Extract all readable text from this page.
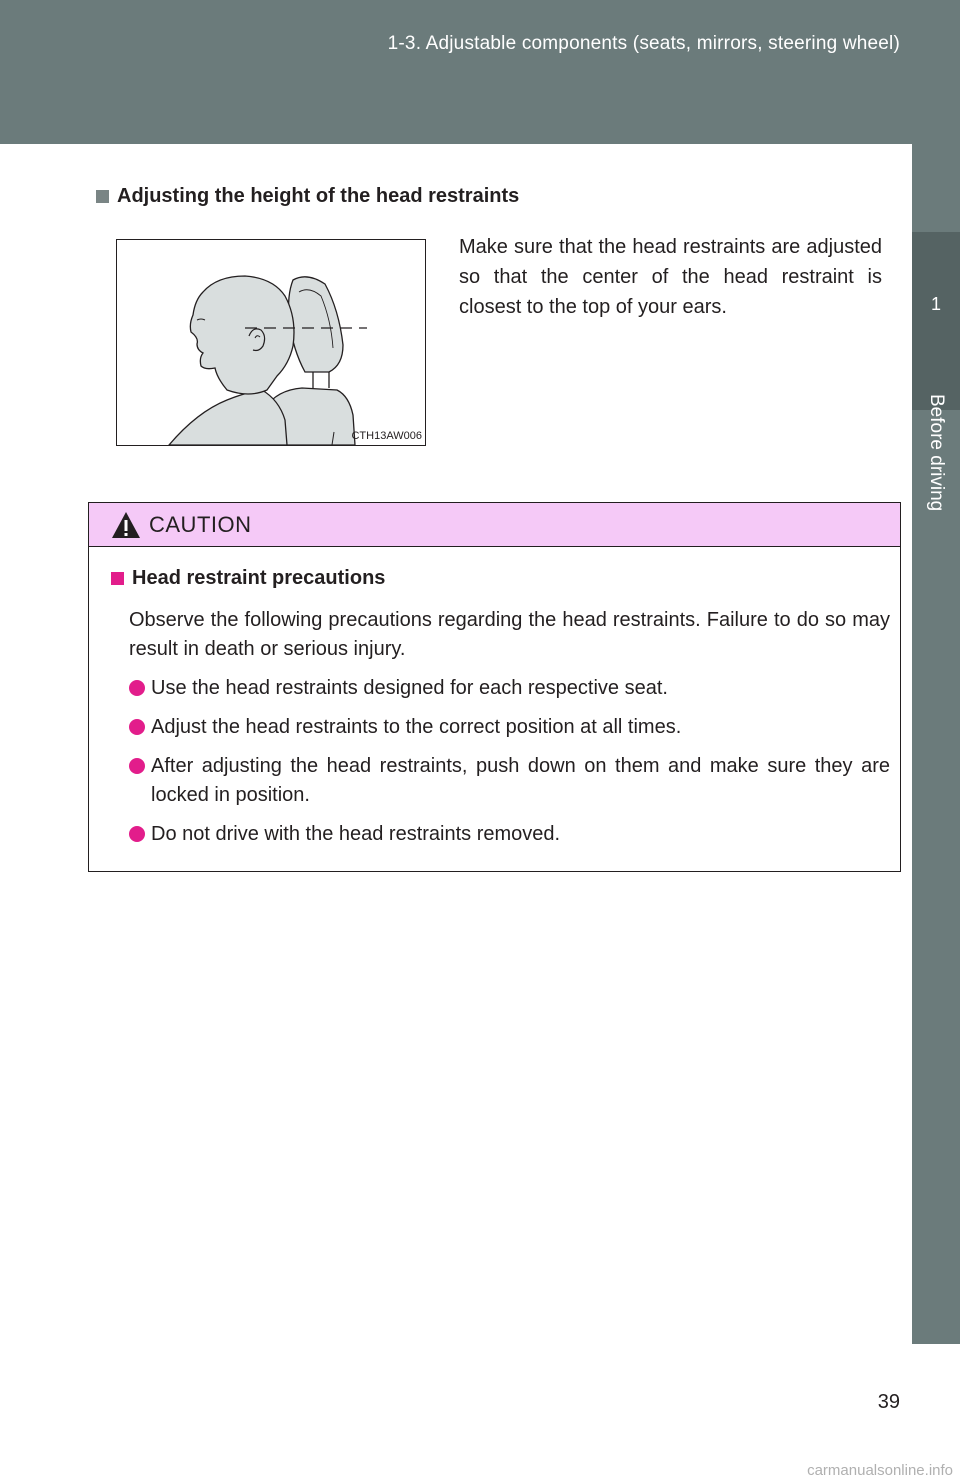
1-3. Adjustable components (seats, mirrors, steering wheel)
1
Before driving
Adjusting the height of the head restraints
CTH13AW006
Make sure that the head restraints are adjusted so that the center of the head restraint is closest to the top of your ears.
CAUTION
Head restraint precautions

Observe the following precautions regarding the head restraints. Failure to do so may result in death or serious injury.

Use the head restraints designed for each respective seat.
Adjust the head restraints to the correct position at all times.
After adjusting the head restraints, push down on them and make sure they are locked in position.
Do not drive with the head restraints removed.
39
carmanualsonline.info
